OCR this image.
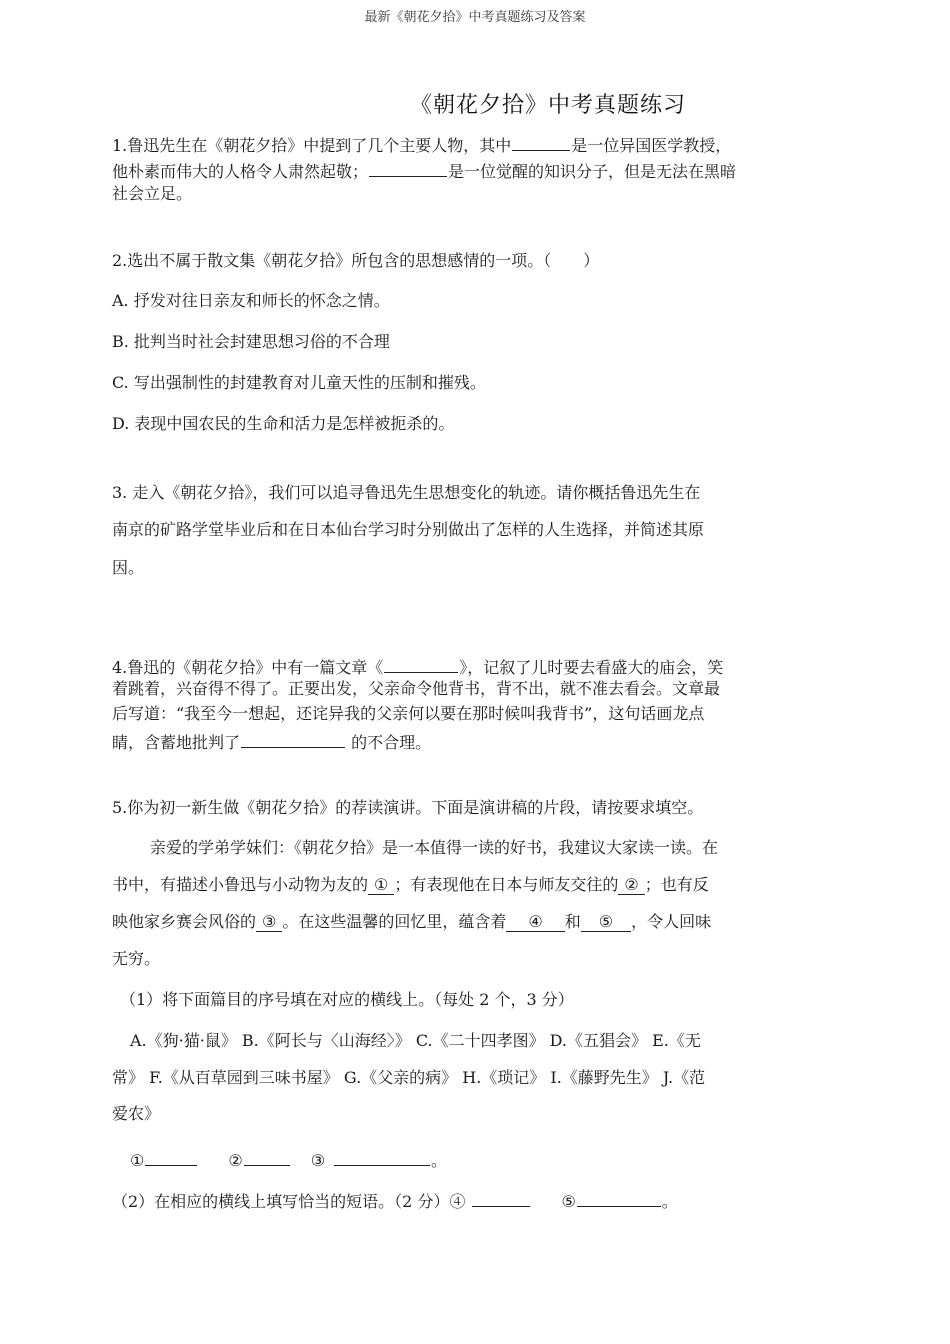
最新《朝花夕拾》中考真题练习及答案
《朝花夕拾》中考真题练习
1.鲁迅先生在《朝花夕拾》中提到了几个主要人物，其中	是一位异国医学教授，
他朴素而伟大的人格令人肃然起敬；	是一位觉醒的知识分子，但是无法在黑暗
社会立足。
2.选出不属于散文集《朝花夕拾》所包含的思想感情的一项。（　　）
A. 抒发对往日亲友和师长的怀念之情。
B. 批判当时社会封建思想习俗的不合理
C. 写出强制性的封建教育对儿童天性的压制和摧残。
D. 表现中国农民的生命和活力是怎样被扼杀的。
3. 走入《朝花夕拾》，我们可以追寻鲁迅先生思想变化的轨迹。请你概括鲁迅先生在
南京的矿路学堂毕业后和在日本仙台学习时分别做出了怎样的人生选择，并简述其原
因。
4.鲁迅的《朝花夕拾》中有一篇文章《	》，记叙了儿时要去看盛大的庙会，笑
着跳着，兴奋得不得了。正要出发，父亲命令他背书，背不出，就不准去看会。文章最
后写道：“我至今一想起，还诧异我的父亲何以要在那时候叫我背书”，这句话画龙点
睛，含蓄地批判了	的不合理。
5.你为初一新生做《朝花夕拾》的荐读演讲。下面是演讲稿的片段，请按要求填空。
亲爱的学弟学妹们：《朝花夕拾》是一本值得一读的好书，我建议大家读一读。在
书中，有描述小鲁迅与小动物为友的 ① ；有表现他在日本与师友交往的 ② ；也有反
映他家乡赛会风俗的 ③ 。在这些温馨的回忆里，蕴含着 ④ 和 ⑤ ，令人回味
无穷。
（1）将下面篇目的序号填在对应的横线上。（每处 2 个，3 分）
A.《狗·猫·鼠》 B.《阿长与〈山海经〉》 C.《二十四孝图》 D.《五猖会》 E.《无
常》 F.《从百草园到三味书屋》 G.《父亲的病》 H.《琐记》 I.《藤野先生》 J.《范
爱农》
①	②	③	。
（2）在相应的横线上填写恰当的短语。（2 分）④	⑤	。
